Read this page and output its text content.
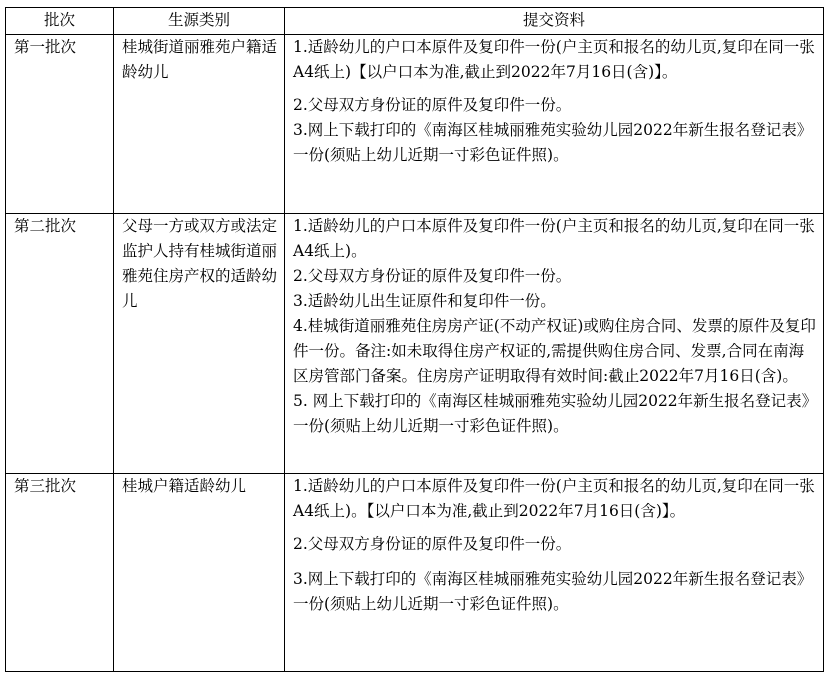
批次	生源类别	提交资料
第一批次	桂城街道丽雅苑户籍适龄幼儿	1.适龄幼儿的户口本原件及复印件一份(户主页和报名的幼儿页,复印在同一张A4纸上)【以户口本为准,截止到2022年7月16日(含)】。

2.父母双方身份证的原件及复印件一份。

3.网上下载打印的《南海区桂城丽雅苑实验幼儿园2022年新生报名登记表》一份(须贴上幼儿近期一寸彩色证件照)。

第二批次	父母一方或双方或法定监护人持有桂城街道丽雅苑住房产权的适龄幼儿	1.适龄幼儿的户口本原件及复印件一份(户主页和报名的幼儿页,复印在同一张A4纸上)。

2.父母双方身份证的原件及复印件一份。

3.适龄幼儿出生证原件和复印件一份。

4.桂城街道丽雅苑住房房产证(不动产权证)或购住房合同、发票的原件及复印件一份。备注:如未取得住房产权证的,需提供购住房合同、发票,合同在南海区房管部门备案。住房房产证明取得有效时间:截止2022年7月16日(含)。

5. 网上下载打印的《南海区桂城丽雅苑实验幼儿园2022年新生报名登记表》一份(须贴上幼儿近期一寸彩色证件照)。

第三批次	桂城户籍适龄幼儿	1.适龄幼儿的户口本原件及复印件一份(户主页和报名的幼儿页,复印在同一张A4纸上)。【以户口本为准,截止到2022年7月16日(含)】。

2.父母双方身份证的原件及复印件一份。

3.网上下载打印的《南海区桂城丽雅苑实验幼儿园2022年新生报名登记表》一份(须贴上幼儿近期一寸彩色证件照)。
